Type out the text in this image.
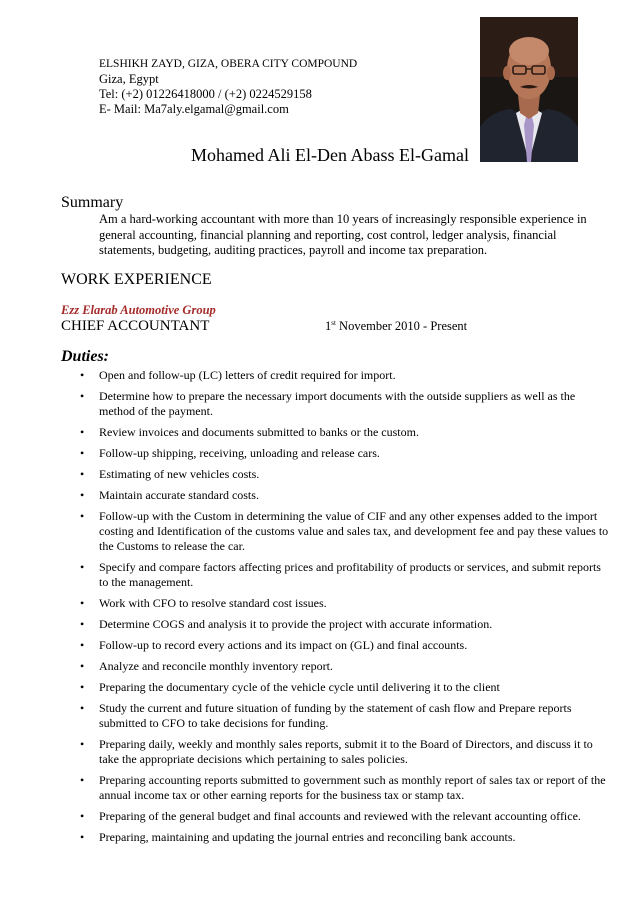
ELSHIKH ZAYD, GIZA, OBERA CITY COMPOUND
Giza, Egypt
Tel: (+2) 01226418000 / (+2) 0224529158
E- Mail: Ma7aly.elgamal@gmail.com
Mohamed Ali El-Den Abass El-Gamal
Summary
Am a hard-working accountant with more than 10 years of increasingly responsible experience in general accounting, financial planning and reporting, cost control, ledger analysis, financial statements, budgeting, auditing practices, payroll and income tax preparation.
WORK EXPERIENCE
Ezz Elarab Automotive Group
CHIEF ACCOUNTANT	1st November 2010 - Present
Duties:
• Open and follow-up (LC) letters of credit required for import.
• Determine how to prepare the necessary import documents with the outside suppliers as well as the method of the payment.
• Review invoices and documents submitted to banks or the custom.
• Follow-up shipping, receiving, unloading and release cars.
• Estimating of new vehicles costs.
• Maintain accurate standard costs.
• Follow-up with the Custom in determining the value of CIF and any other expenses added to the import costing and Identification of the customs value and sales tax, and development fee and pay these values to the Customs to release the car.
• Specify and compare factors affecting prices and profitability of products or services, and submit reports to the management.
• Work with CFO to resolve standard cost issues.
• Determine COGS and analysis it to provide the project with accurate information.
• Follow-up to record every actions and its impact on (GL) and final accounts.
• Analyze and reconcile monthly inventory report.
• Preparing the documentary cycle of the vehicle cycle until delivering it to the client
• Study the current and future situation of funding by the statement of cash flow and Prepare reports submitted to CFO to take decisions for funding.
• Preparing daily, weekly and monthly sales reports, submit it to the Board of Directors, and discuss it to take the appropriate decisions which pertaining to sales policies.
• Preparing accounting reports submitted to government such as monthly report of sales tax or report of the annual income tax or other earning reports for the business tax or stamp tax.
• Preparing of the general budget and final accounts and reviewed with the relevant accounting office.
• Preparing, maintaining and updating the journal entries and reconciling bank accounts.
